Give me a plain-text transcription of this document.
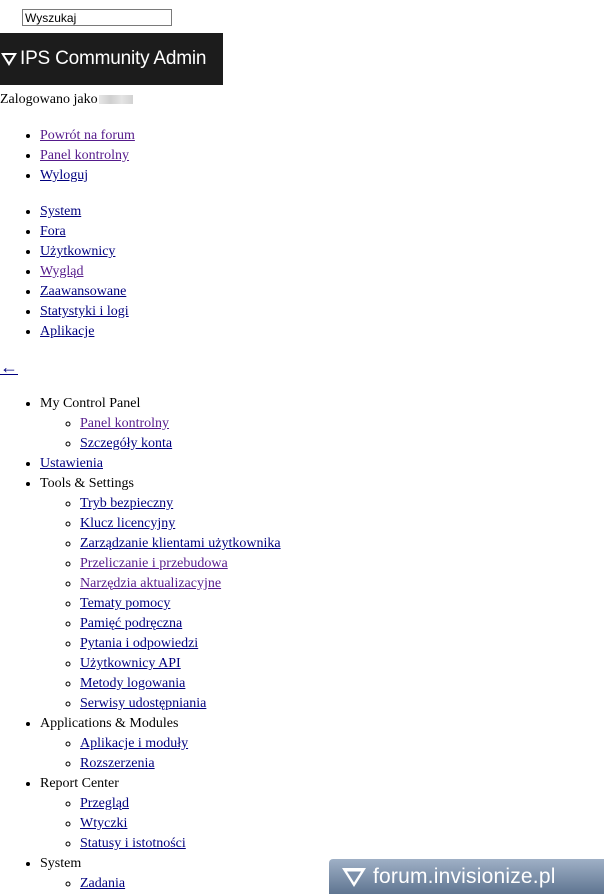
Wyszukaj
IPS Community Admin
Zalogowano jako
• Powrót na forum
• Panel kontrolny
• Wyloguj
• System
• Fora
• Użytkownicy
• Wygląd
• Zaawansowane
• Statystyki i logi
• Aplikacje
←
• My Control Panel
◦ Panel kontrolny
◦ Szczegóły konta
• Ustawienia
• Tools & Settings
◦ Tryb bezpieczny
◦ Klucz licencyjny
◦ Zarządzanie klientami użytkownika
◦ Przeliczanie i przebudowa
◦ Narzędzia aktualizacyjne
◦ Tematy pomocy
◦ Pamięć podręczna
◦ Pytania i odpowiedzi
◦ Użytkownicy API
◦ Metody logowania
◦ Serwisy udostępniania
• Applications & Modules
◦ Aplikacje i moduły
◦ Rozszerzenia
• Report Center
◦ Przegląd
◦ Wtyczki
◦ Statusy i istotności
• System
◦ Zadania	forum.invisionize.pl
